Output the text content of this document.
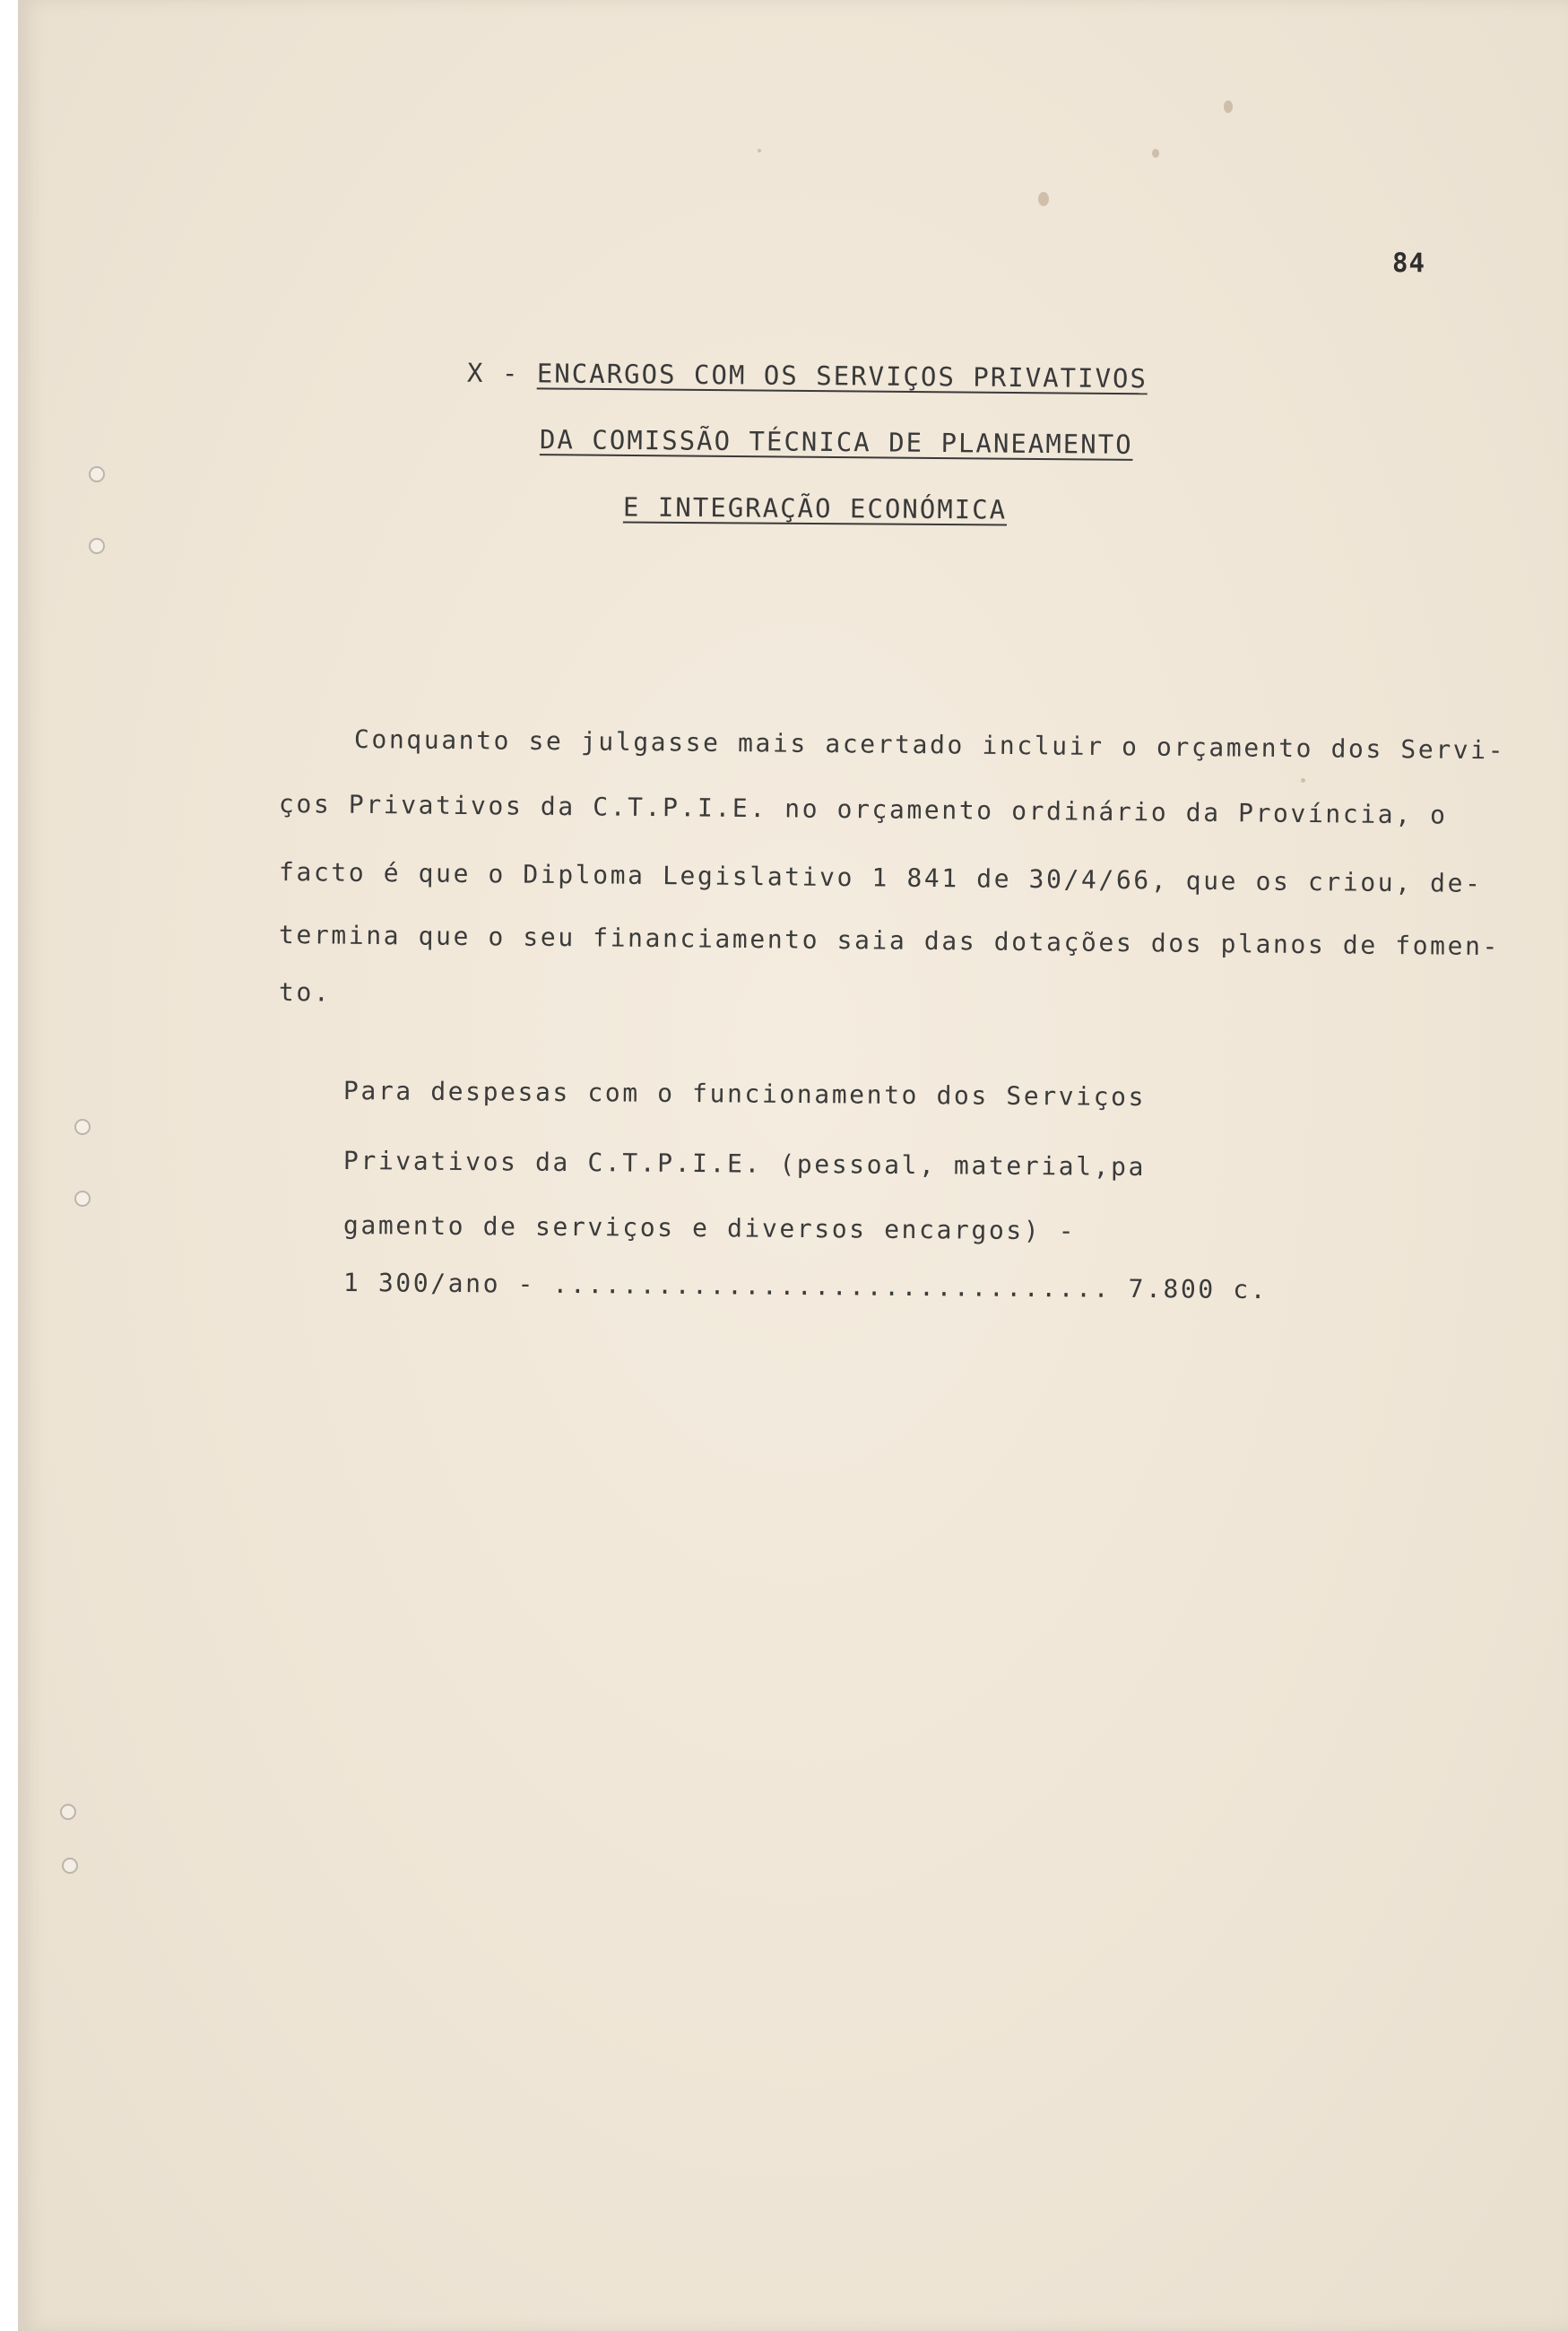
84
X - ENCARGOS COM OS SERVIÇOS PRIVATIVOS
DA COMISSÃO TÉCNICA DE PLANEAMENTO
E INTEGRAÇÃO ECONÓMICA
Conquanto se julgasse mais acertado incluir o orçamento dos Servi-
ços Privativos da C.T.P.I.E. no orçamento ordinário da Província, o
facto é que o Diploma Legislativo 1 841 de 30/4/66, que os criou, de-
termina que o seu financiamento saia das dotações dos planos de fomen-
to.
Para despesas com o funcionamento dos Serviços
Privativos da C.T.P.I.E. (pessoal, material,pa
gamento de serviços e diversos encargos) -
1 300/ano - ................................ 7.800 c.
